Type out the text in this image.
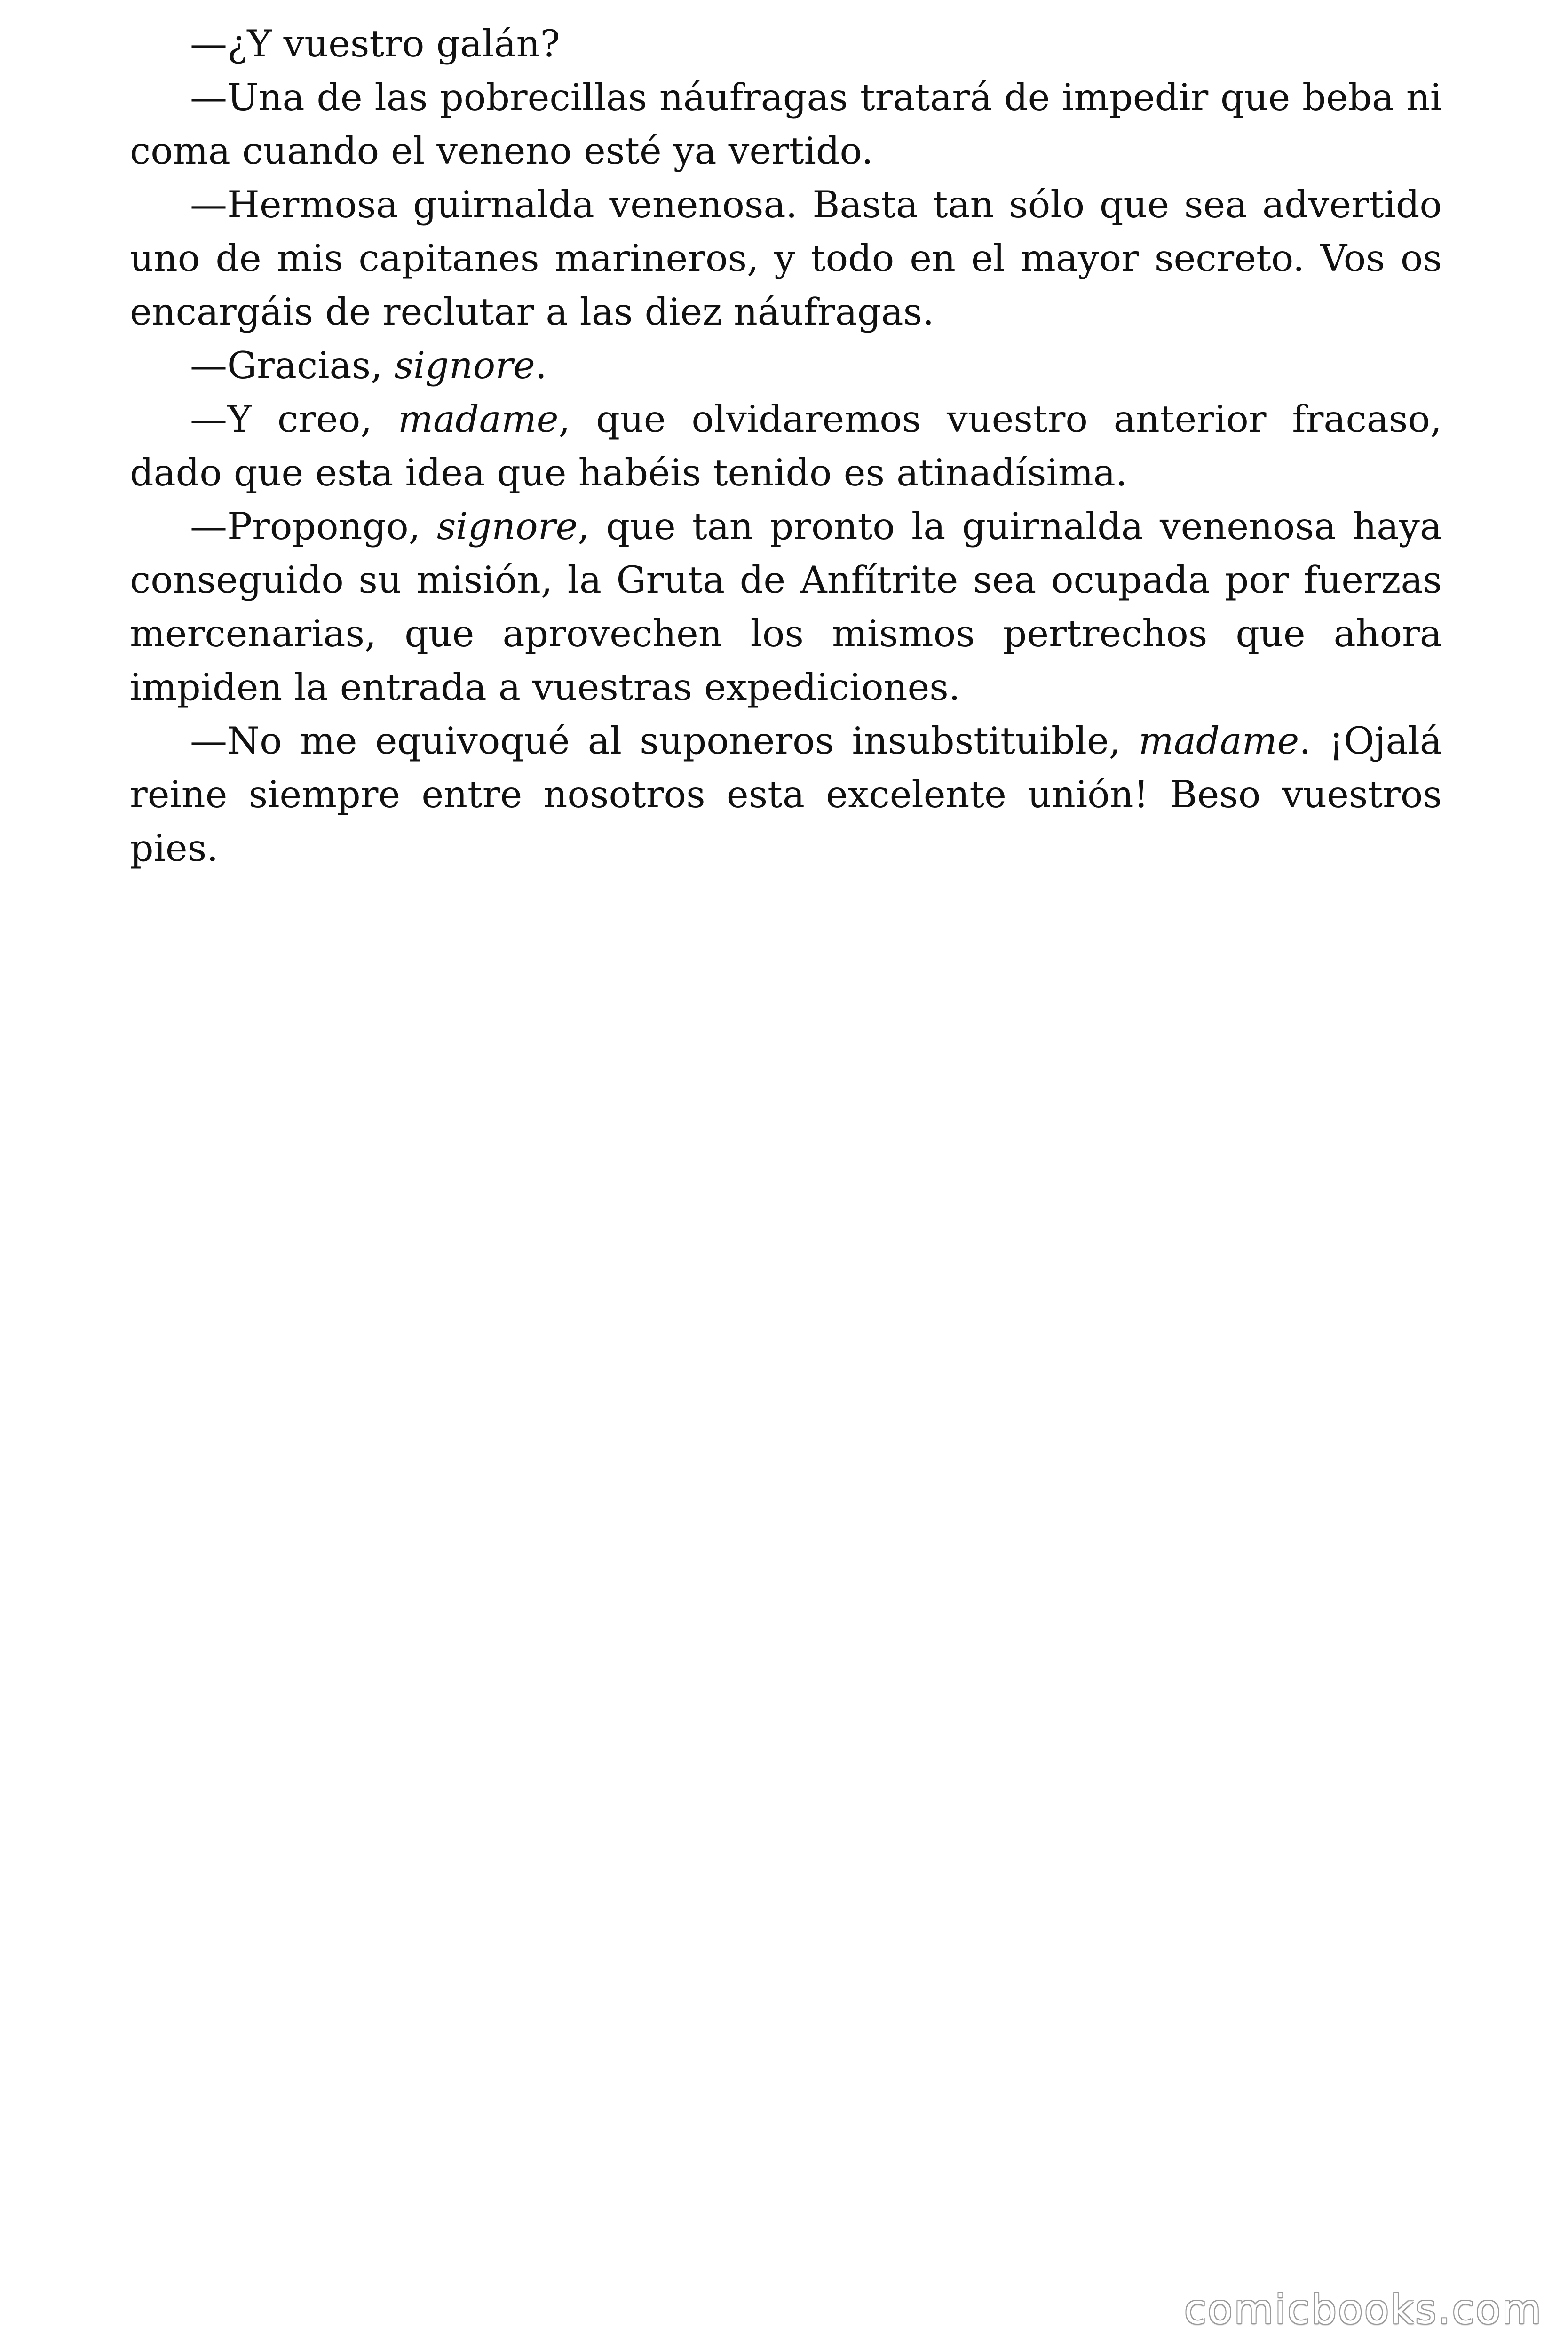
—¿Y vuestro galán?

—Una de las pobrecillas náufragas tratará de impedir que beba ni coma cuando el veneno esté ya vertido.

—Hermosa guirnalda venenosa. Basta tan sólo que sea advertido uno de mis capitanes marineros, y todo en el mayor secreto. Vos os encargáis de reclutar a las diez náufragas.

—Gracias, signore.

—Y creo, madame, que olvidaremos vuestro anterior fracaso, dado que esta idea que habéis tenido es atinadísima.

—Propongo, signore, que tan pronto la guirnalda venenosa haya conseguido su misión, la Gruta de Anfítrite sea ocupada por fuerzas mercenarias, que aprovechen los mismos pertrechos que ahora impiden la entrada a vuestras expediciones.

—No me equivoqué al suponeros insubstituible, madame. ¡Ojalá reine siempre entre nosotros esta excelente unión! Beso vuestros pies.

comicbooks.com
